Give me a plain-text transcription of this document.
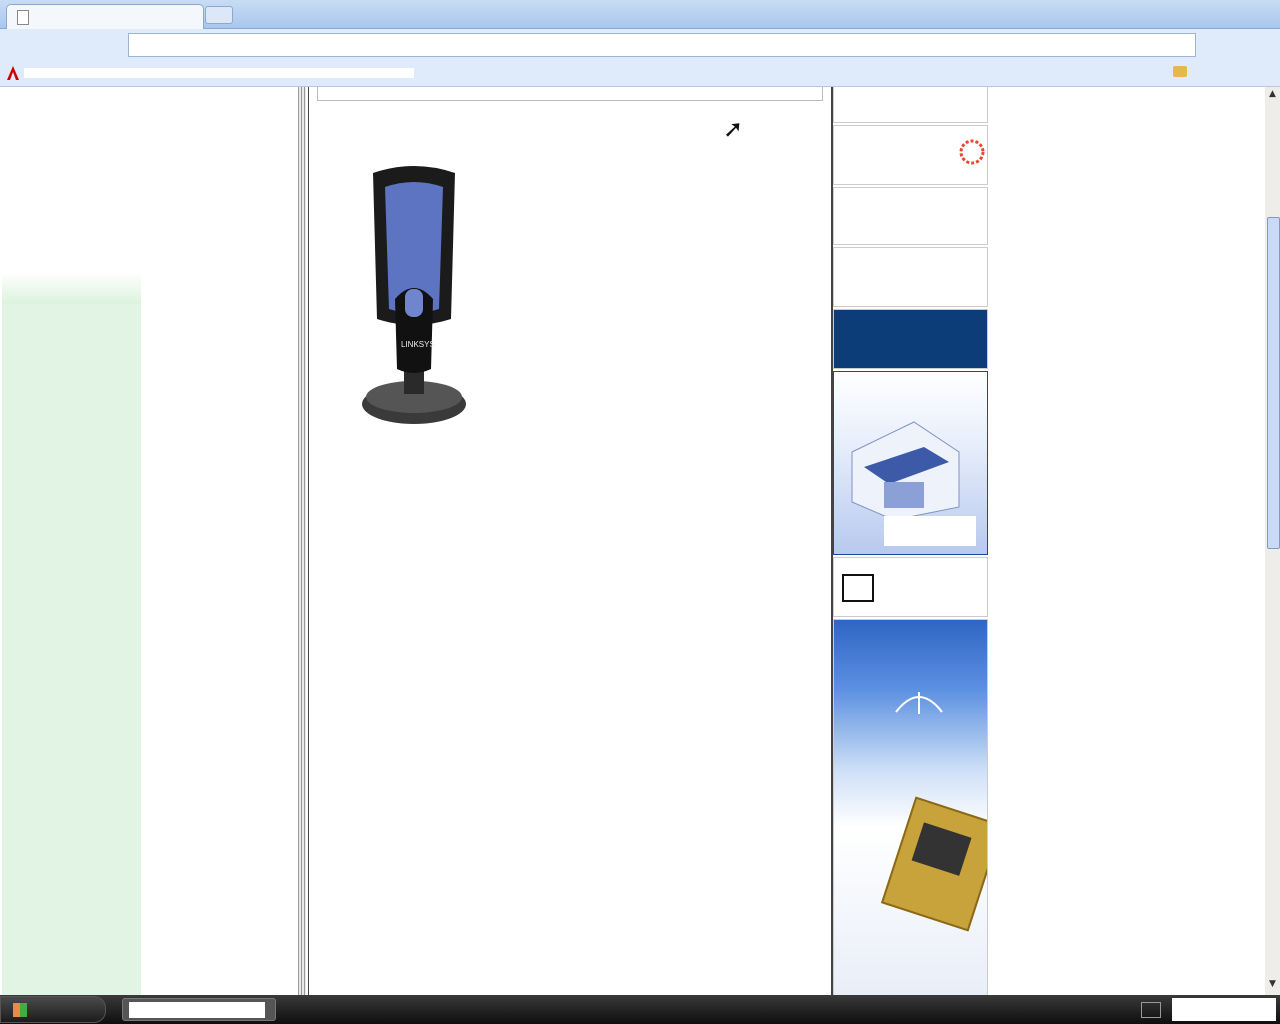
➚

LINKSYS

▲
▼
